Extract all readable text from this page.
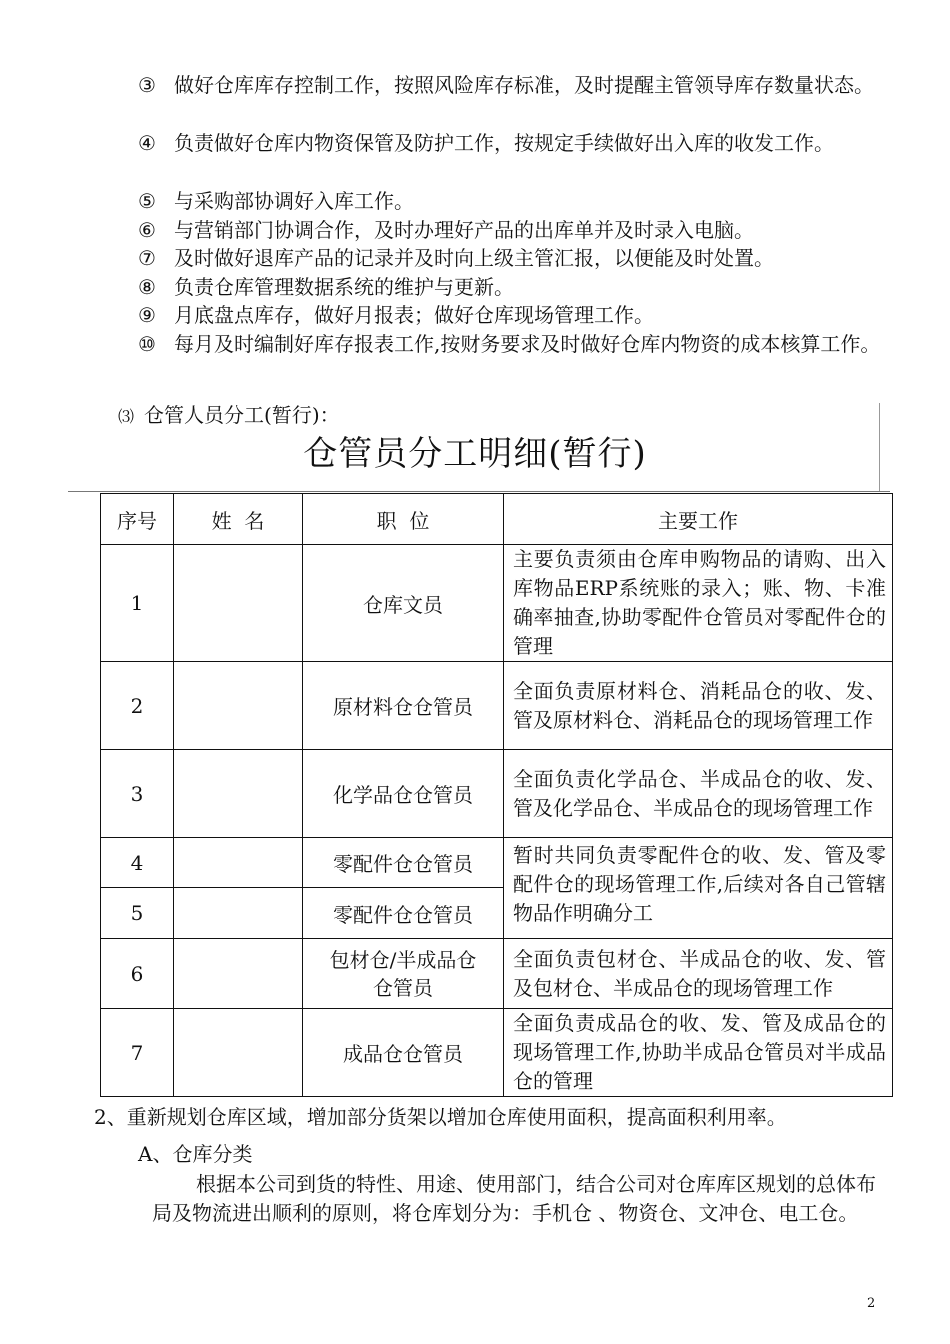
③ 做好仓库库存控制工作，按照风险库存标准，及时提醒主管领导库存数量状态。
④ 负责做好仓库内物资保管及防护工作，按规定手续做好出入库的收发工作。
⑤ 与采购部协调好入库工作。
⑥ 与营销部门协调合作，及时办理好产品的出库单并及时录入电脑。
⑦ 及时做好退库产品的记录并及时向上级主管汇报，以便能及时处置。
⑧ 负责仓库管理数据系统的维护与更新。
⑨ 月底盘点库存，做好月报表；做好仓库现场管理工作。
⑩ 每月及时编制好库存报表工作,按财务要求及时做好仓库内物资的成本核算工作。
⑶ 仓管人员分工(暂行)：
仓管员分工明细(暂行)
序号	姓  名	职  位	主要工作
1		仓库文员	主要负责须由仓库申购物品的请购、出入库物品ERP系统账的录入；账、物、卡准确率抽查,协助零配件仓管员对零配件仓的管理
2		原材料仓仓管员	全面负责原材料仓、消耗品仓的收、发、管及原材料仓、消耗品仓的现场管理工作
3		化学品仓仓管员	全面负责化学品仓、半成品仓的收、发、管及化学品仓、半成品仓的现场管理工作
4		零配件仓仓管员	暂时共同负责零配件仓的收、发、管及零配件仓的现场管理工作,后续对各自己管辖物品作明确分工
5		零配件仓仓管员	
6		包材仓/半成品仓仓管员	全面负责包材仓、半成品仓的收、发、管及包材仓、半成品仓的现场管理工作
7		成品仓仓管员	全面负责成品仓的收、发、管及成品仓的现场管理工作,协助半成品仓管员对半成品仓的管理
2、重新规划仓库区域，增加部分货架以增加仓库使用面积，提高面积利用率。
A、仓库分类
根据本公司到货的特性、用途、使用部门，结合公司对仓库库区规划的总体布局及物流进出顺利的原则，将仓库划分为：手机仓 、物资仓、文冲仓、电工仓。
2
